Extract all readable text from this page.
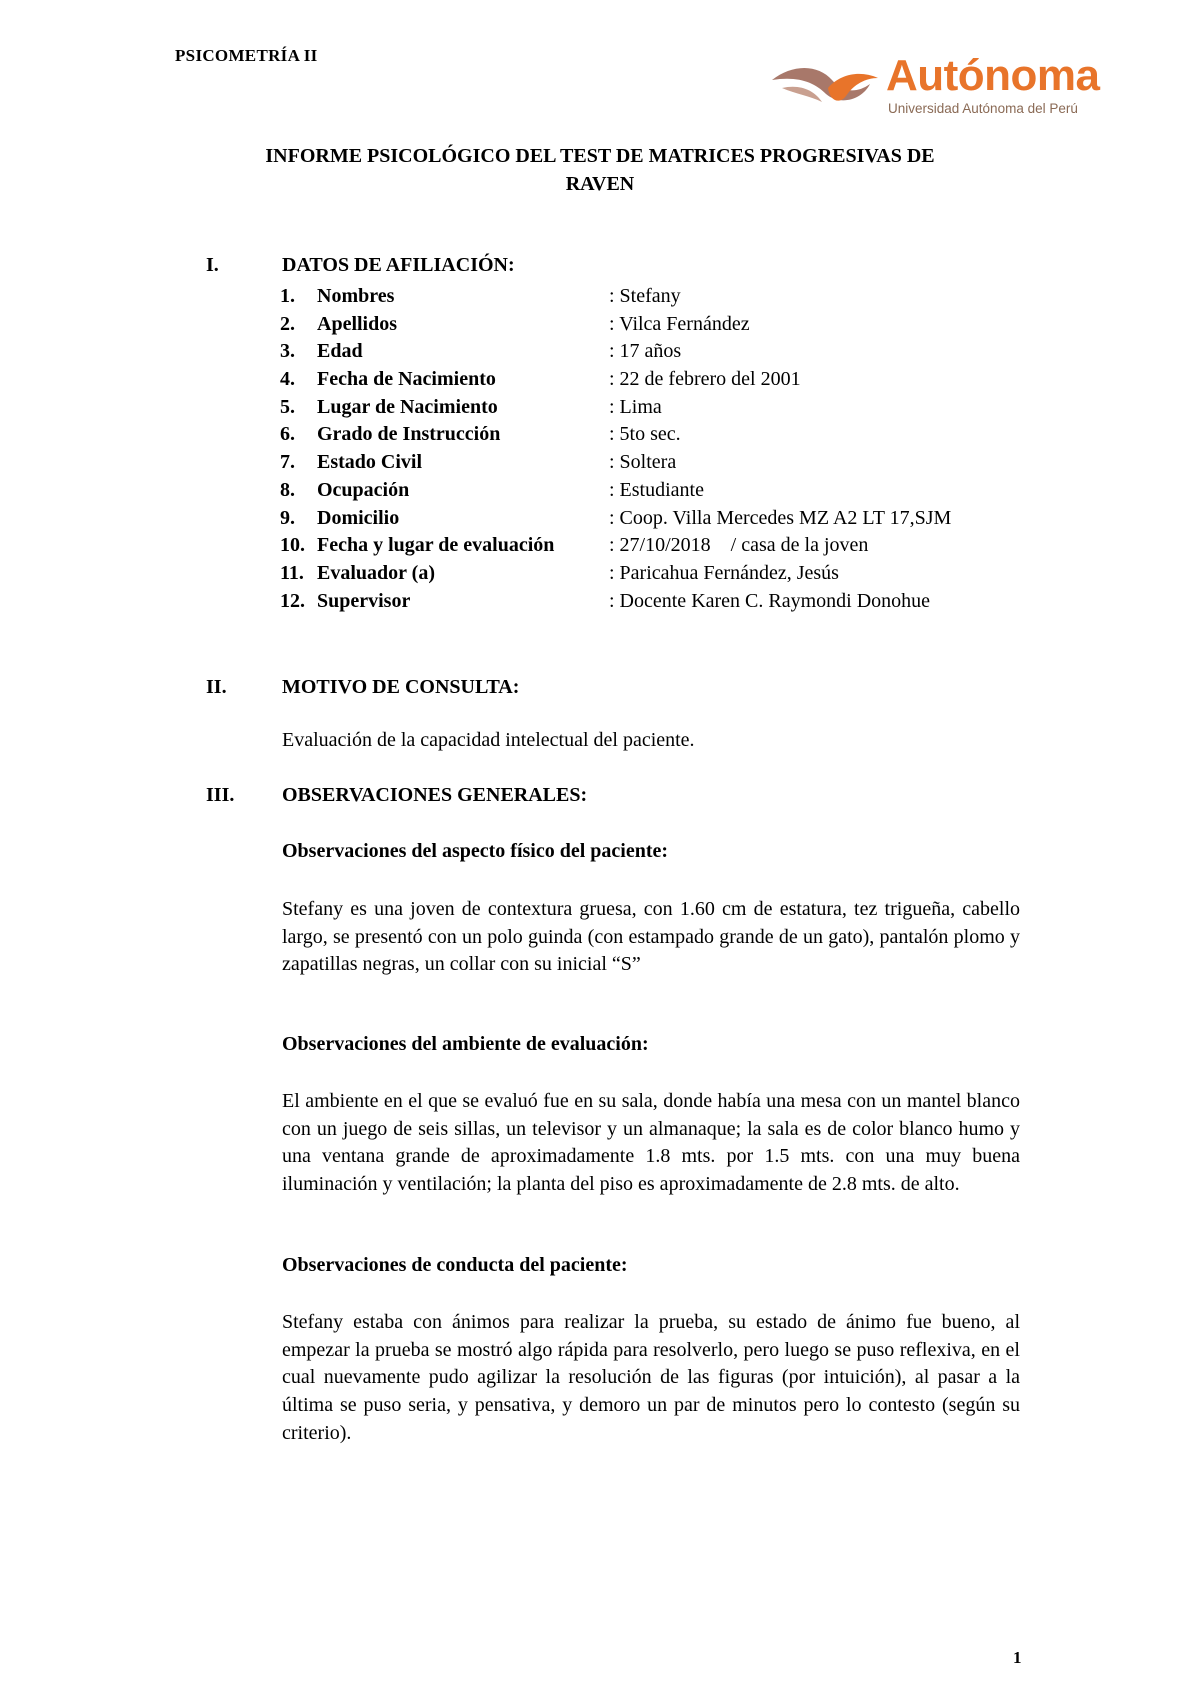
PSICOMETRÍA II	Autónoma
Universidad Autónoma del Perú
INFORME PSICOLÓGICO DEL TEST DE MATRICES PROGRESIVAS DE
RAVEN
I.	DATOS DE AFILIACIÓN:
1. Nombres	: Stefany
2. Apellidos	: Vilca Fernández
3. Edad	: 17 años
4. Fecha de Nacimiento	: 22 de febrero del 2001
5. Lugar de Nacimiento	: Lima
6. Grado de Instrucción	: 5to sec.
7. Estado Civil	: Soltera
8. Ocupación	: Estudiante
9. Domicilio	: Coop. Villa Mercedes MZ A2 LT 17,SJM
10. Fecha y lugar de evaluación	: 27/10/2018    / casa de la joven
11. Evaluador (a)	: Paricahua Fernández, Jesús
12. Supervisor	: Docente Karen C. Raymondi Donohue
II.	MOTIVO DE CONSULTA:
Evaluación de la capacidad intelectual del paciente.
III. OBSERVACIONES GENERALES:
Observaciones del aspecto físico del paciente:
Stefany es una joven de contextura gruesa, con 1.60 cm de estatura, tez trigueña, cabello largo, se presentó con un polo guinda (con estampado grande de un gato), pantalón plomo y zapatillas negras, un collar con su inicial “S”
Observaciones del ambiente de evaluación:
El ambiente en el que se evaluó fue en su sala, donde había una mesa con un mantel blanco con un juego de seis sillas, un televisor y un almanaque; la sala es de color blanco humo y una ventana grande de aproximadamente 1.8 mts. por 1.5 mts. con una muy buena iluminación y ventilación; la planta del piso es aproximadamente de 2.8 mts. de alto.
Observaciones de conducta del paciente:
Stefany estaba con ánimos para realizar la prueba, su estado de ánimo fue bueno, al empezar la prueba se mostró algo rápida para resolverlo, pero luego se puso reflexiva, en el cual nuevamente pudo agilizar la resolución de las figuras (por intuición), al pasar a la última se puso seria, y pensativa, y demoro un par de minutos pero lo contesto (según su criterio).
1
